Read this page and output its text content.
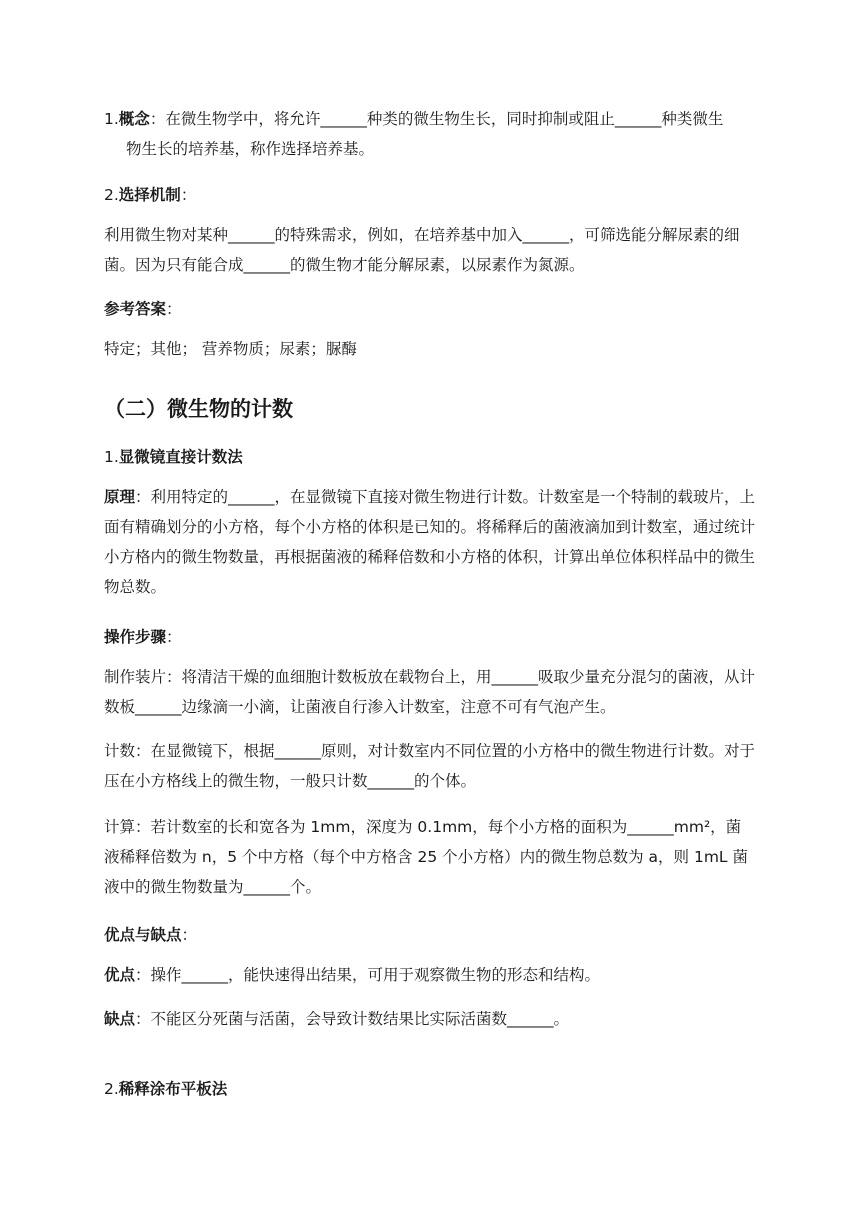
1.概念：在微生物学中，将允许______种类的微生物生长，同时抑制或阻止______种类微生
物生长的培养基，称作选择培养基。

2.选择机制：

利用微生物对某种______的特殊需求，例如，在培养基中加入______，可筛选能分解尿素的细菌。因为只有能合成______的微生物才能分解尿素，以尿素作为氮源。

参考答案：

特定；其他； 营养物质；尿素；脲酶

（二）微生物的计数

1.显微镜直接计数法

原理：利用特定的______，在显微镜下直接对微生物进行计数。计数室是一个特制的载玻片，上面有精确划分的小方格，每个小方格的体积是已知的。将稀释后的菌液滴加到计数室，通过统计小方格内的微生物数量，再根据菌液的稀释倍数和小方格的体积，计算出单位体积样品中的微生物总数。

操作步骤：

制作装片：将清洁干燥的血细胞计数板放在载物台上，用______吸取少量充分混匀的菌液，从计数板______边缘滴一小滴，让菌液自行渗入计数室，注意不可有气泡产生。

计数：在显微镜下，根据______原则，对计数室内不同位置的小方格中的微生物进行计数。对于压在小方格线上的微生物，一般只计数______的个体。

计算：若计数室的长和宽各为 1mm，深度为 0.1mm，每个小方格的面积为______mm²，菌液稀释倍数为 n，5 个中方格（每个中方格含 25 个小方格）内的微生物总数为 a，则 1mL 菌液中的微生物数量为______个。

优点与缺点：

优点：操作______，能快速得出结果，可用于观察微生物的形态和结构。

缺点：不能区分死菌与活菌，会导致计数结果比实际活菌数______。

2.稀释涂布平板法
